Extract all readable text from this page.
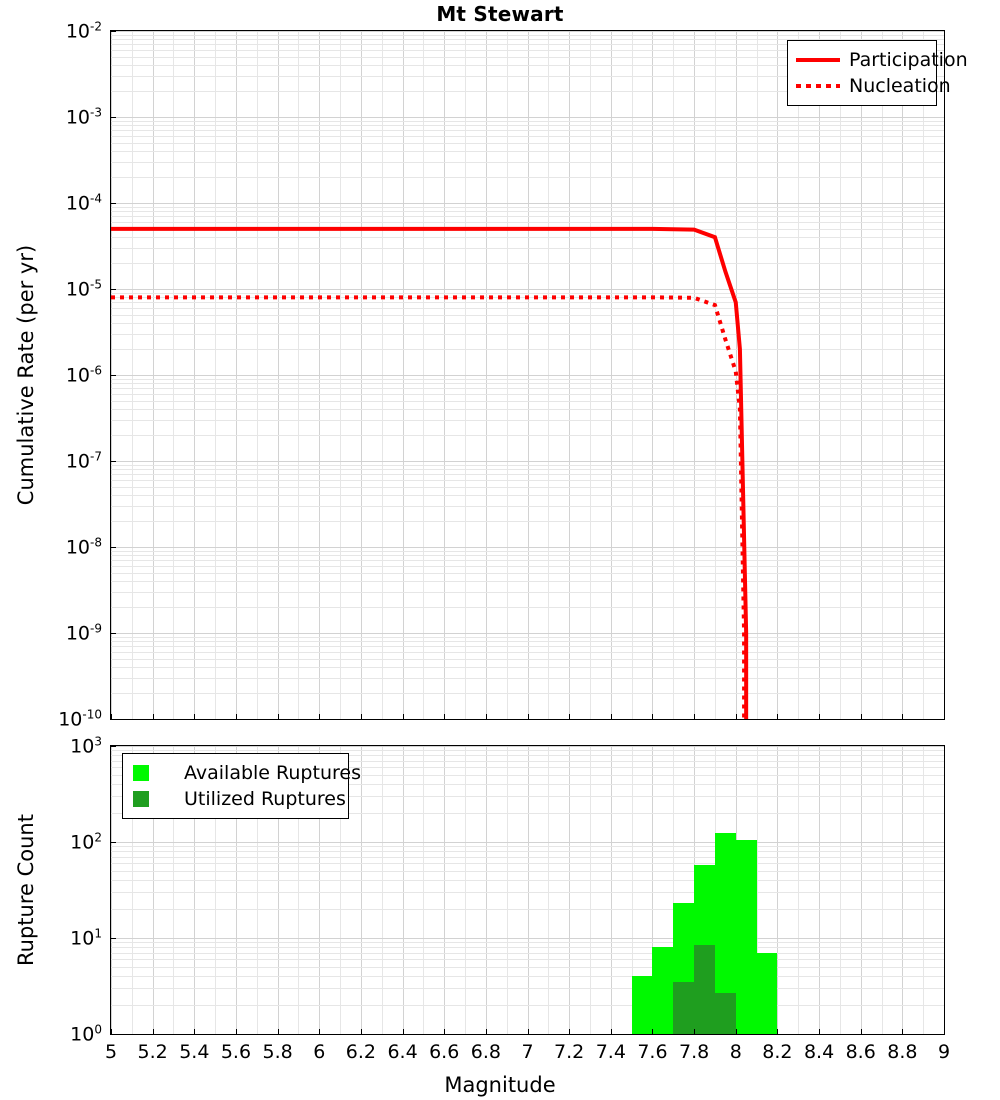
Mt Stewart
$10^{-10}$
$10^{-9}$
$10^{-8}$
$10^{-7}$
$10^{-6}$
$10^{-5}$
$10^{-4}$
$10^{-3}$
$10^{-2}$
Participation
Nucleation
5 5.2 5.4 5.6 5.8 6 6.2 6.4 6.6 6.8 7 7.2 7.4 7.6 7.8 8 8.2 8.4 8.6 8.8 9
$10^0$
$10^1$
$10^2$
$10^3$
Available Ruptures
Utilized Ruptures
Cumulative Rate (per yr)
Rupture Count
Magnitude
